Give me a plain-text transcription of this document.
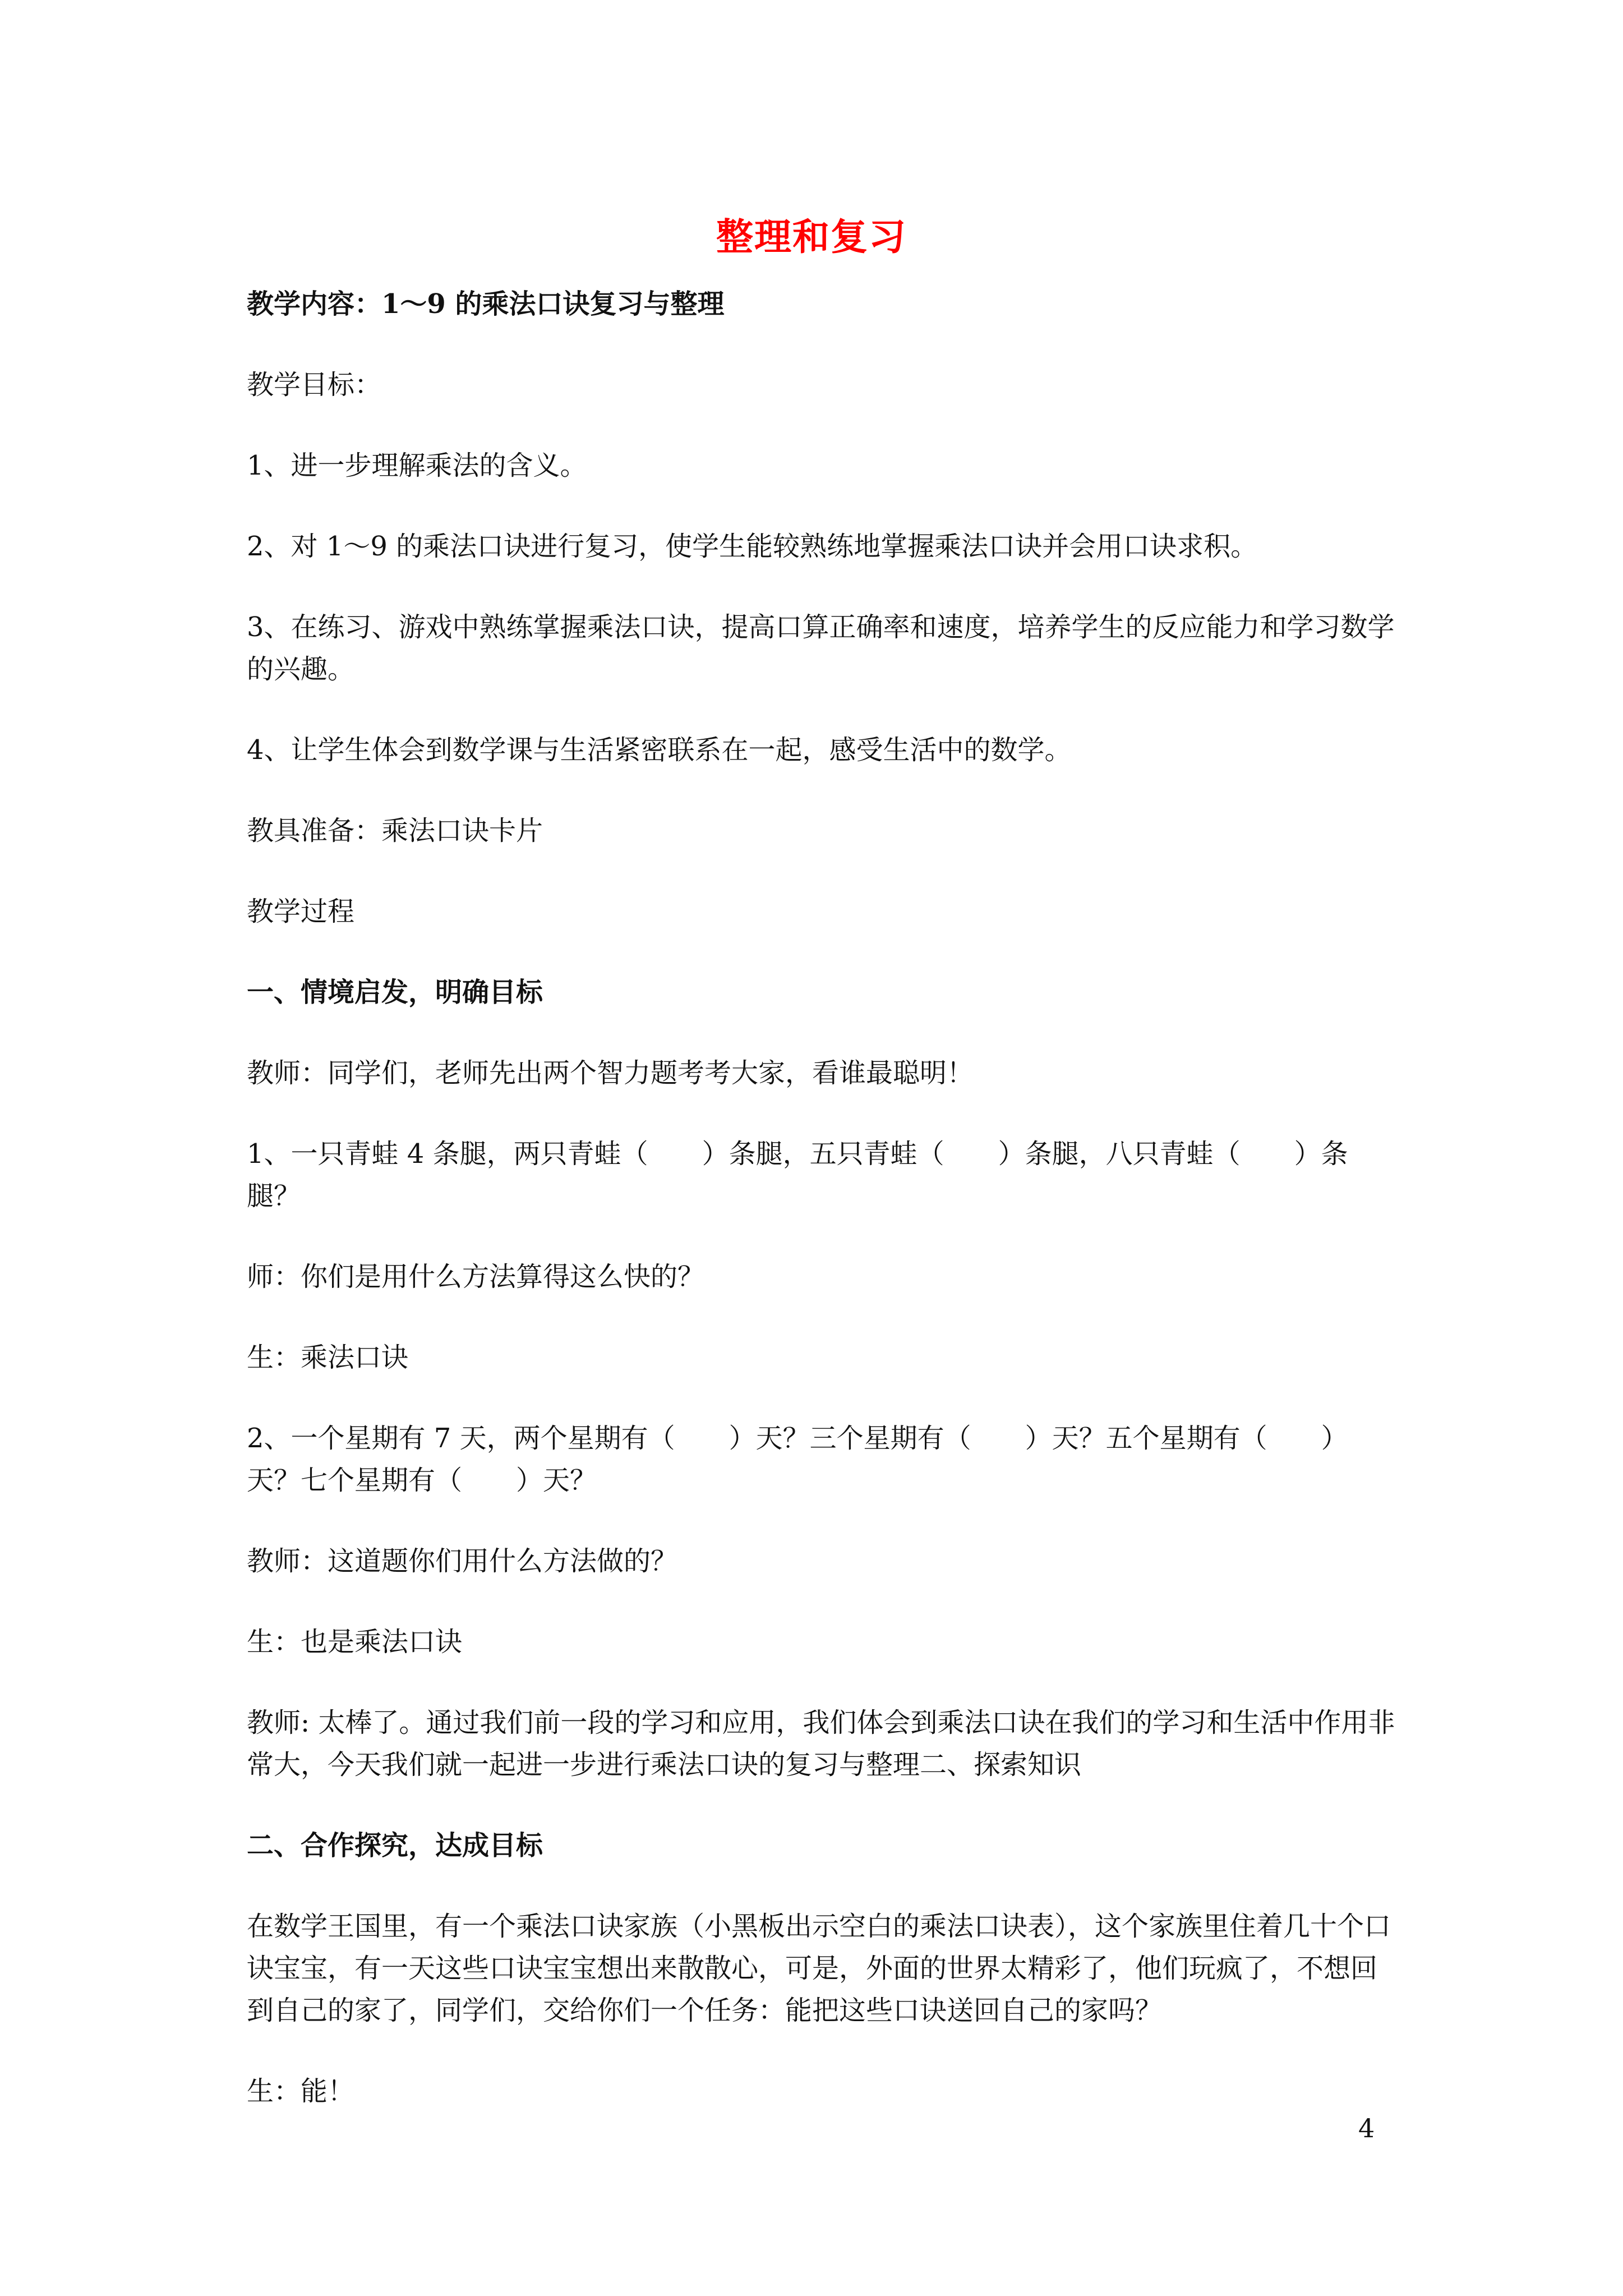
整理和复习

教学内容：1～9 的乘法口诀复习与整理

教学目标：

1、进一步理解乘法的含义。

2、对 1～9 的乘法口诀进行复习，使学生能较熟练地掌握乘法口诀并会用口诀求积。

3、在练习、游戏中熟练掌握乘法口诀，提高口算正确率和速度，培养学生的反应能力和学习数学的兴趣。

4、让学生体会到数学课与生活紧密联系在一起，感受生活中的数学。

教具准备：乘法口诀卡片

教学过程

一、情境启发，明确目标

教师：同学们，老师先出两个智力题考考大家，看谁最聪明！

1、一只青蛙 4 条腿，两只青蛙（　　）条腿，五只青蛙（　　）条腿，八只青蛙（　　）条腿？

师：你们是用什么方法算得这么快的？

生：乘法口诀

2、一个星期有 7 天，两个星期有（　　）天？三个星期有（　　）天？五个星期有（　　）天？七个星期有（　　）天？

教师：这道题你们用什么方法做的？

生：也是乘法口诀

教师: 太棒了。通过我们前一段的学习和应用，我们体会到乘法口诀在我们的学习和生活中作用非常大，今天我们就一起进一步进行乘法口诀的复习与整理二、探索知识

二、合作探究，达成目标

在数学王国里，有一个乘法口诀家族（小黑板出示空白的乘法口诀表），这个家族里住着几十个口诀宝宝，有一天这些口诀宝宝想出来散散心，可是，外面的世界太精彩了，他们玩疯了，不想回到自己的家了，同学们，交给你们一个任务：能把这些口诀送回自己的家吗？

生：能！

4
